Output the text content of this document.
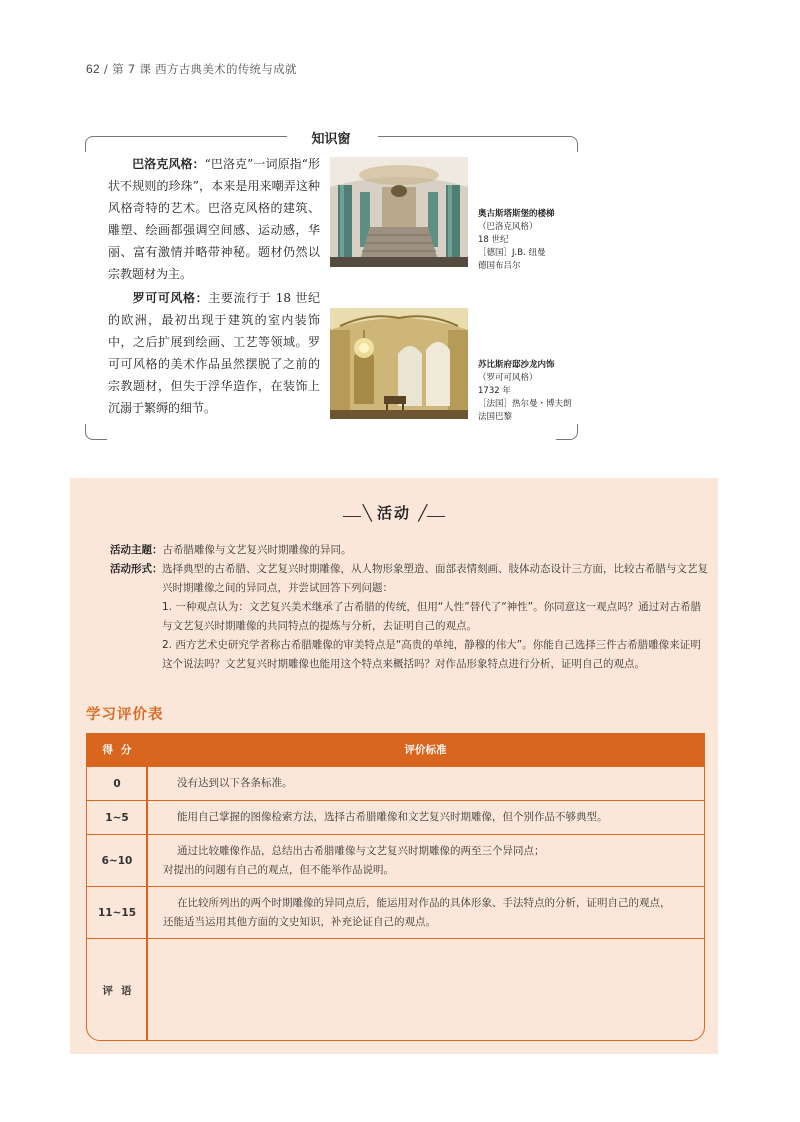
62 / 第 7 课 西方古典美术的传统与成就
知识窗
巴洛克风格：“巴洛克”一词原指“形状不规则的珍珠”，本来是用来嘲弄这种风格奇特的艺术。巴洛克风格的建筑、雕塑、绘画都强调空间感、运动感，华丽、富有激情并略带神秘。题材仍然以宗教题材为主。
罗可可风格：主要流行于 18 世纪的欧洲，最初出现于建筑的室内装饰中，之后扩展到绘画、工艺等领域。罗可可风格的美术作品虽然摆脱了之前的宗教题材，但失于浮华造作，在装饰上沉溺于繁缛的细节。
奥古斯塔斯堡的楼梯
（巴洛克风格）
18 世纪
［德国］J.B. 纽曼
德国布吕尔
苏比斯府邸沙龙内饰
（罗可可风格）
1732 年
［法国］热尔曼・博夫朗
法国巴黎
╲ 活动 ╱
活动主题：古希腊雕像与文艺复兴时期雕像的异同。
活动形式： 选择典型的古希腊、文艺复兴时期雕像，从人物形象塑造、面部表情刻画、肢体动态设计三方面，比较古希腊与文艺复兴时期雕像之间的异同点，并尝试回答下列问题：
1. 一种观点认为：文艺复兴美术继承了古希腊的传统，但用“人性”替代了“神性”。你同意这一观点吗？通过对古希腊与文艺复兴时期雕像的共同特点的提炼与分析，去证明自己的观点。
2. 西方艺术史研究学者称古希腊雕像的审美特点是“高贵的单纯，静穆的伟大”。你能自己选择三件古希腊雕像来证明这个说法吗？文艺复兴时期雕像也能用这个特点来概括吗？对作品形象特点进行分析，证明自己的观点。
学习评价表
得分	评价标准
0	没有达到以下各条标准。
1~5	能用自己掌握的图像检索方法，选择古希腊雕像和文艺复兴时期雕像，但个别作品不够典型。
6~10
通过比较雕像作品，总结出古希腊雕像与文艺复兴时期雕像的两至三个异同点；
对提出的问题有自己的观点，但不能举作品说明。
11~15
在比较所列出的两个时期雕像的异同点后，能运用对作品的具体形象、手法特点的分析，证明自己的观点，
还能适当运用其他方面的文史知识，补充论证自己的观点。
评语
